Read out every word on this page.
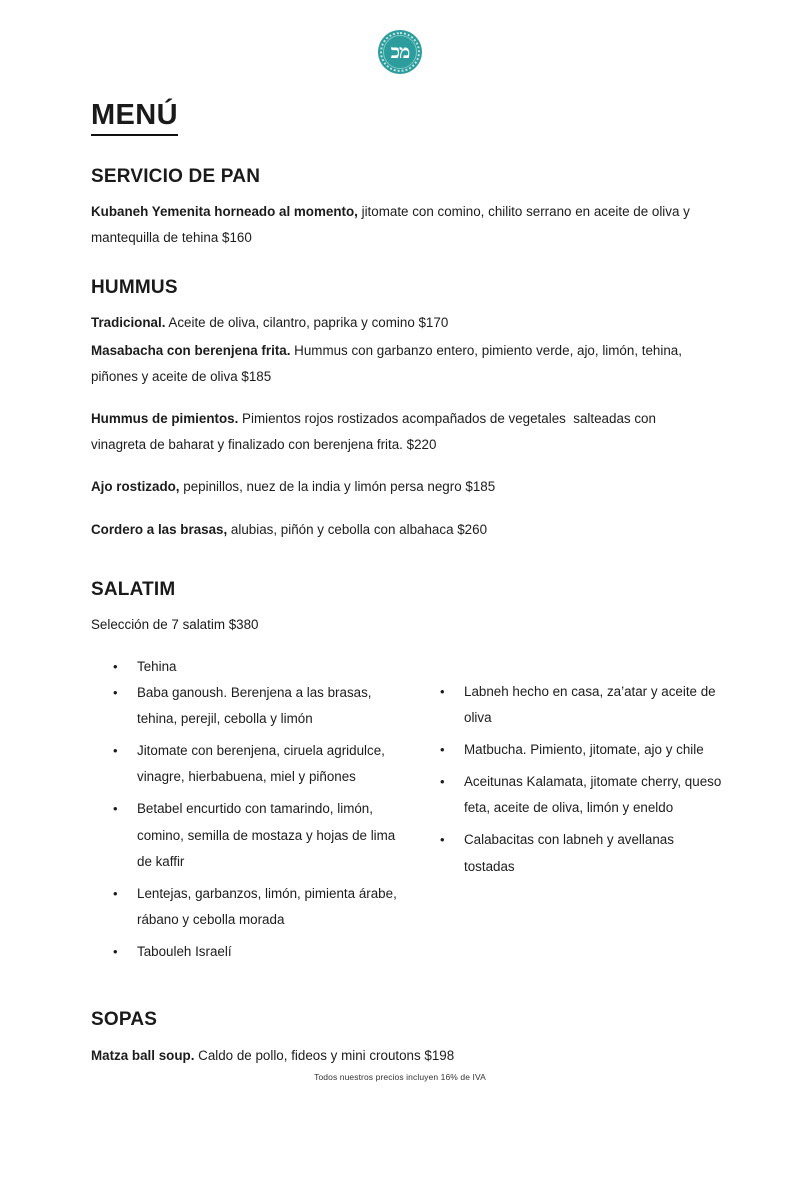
מכ
MENÚ
SERVICIO DE PAN

Kubaneh Yemenita horneado al momento, jitomate con comino, chilito serrano en aceite de oliva y mantequilla de tehina $160

HUMMUS

Tradicional. Aceite de oliva, cilantro, paprika y comino $170

Masabacha con berenjena frita. Hummus con garbanzo entero, pimiento verde, ajo, limón, tehina, piñones y aceite de oliva $185

Hummus de pimientos. Pimientos rojos rostizados acompañados de vegetales  salteadas con vinagreta de baharat y finalizado con berenjena frita. $220

Ajo rostizado, pepinillos, nuez de la india y limón persa negro $185

Cordero a las brasas, alubias, piñón y cebolla con albahaca $260

SALATIM

Selección de 7 salatim $380

• Tehina
• Baba ganoush. Berenjena a las brasas, tehina, perejil, cebolla y limón
• Jitomate con berenjena, ciruela agridulce, vinagre, hierbabuena, miel y piñones
• Betabel encurtido con tamarindo, limón, comino, semilla de mostaza y hojas de lima de kaffir
• Lentejas, garbanzos, limón, pimienta árabe, rábano y cebolla morada
• Tabouleh Israelí
• Labneh hecho en casa, za’atar y aceite de oliva
• Matbucha. Pimiento, jitomate, ajo y chile
• Aceitunas Kalamata, jitomate cherry, queso feta, aceite de oliva, limón y eneldo
• Calabacitas con labneh y avellanas tostadas
SOPAS

Matza ball soup. Caldo de pollo, fideos y mini croutons $198

Todos nuestros precios incluyen 16% de IVA
